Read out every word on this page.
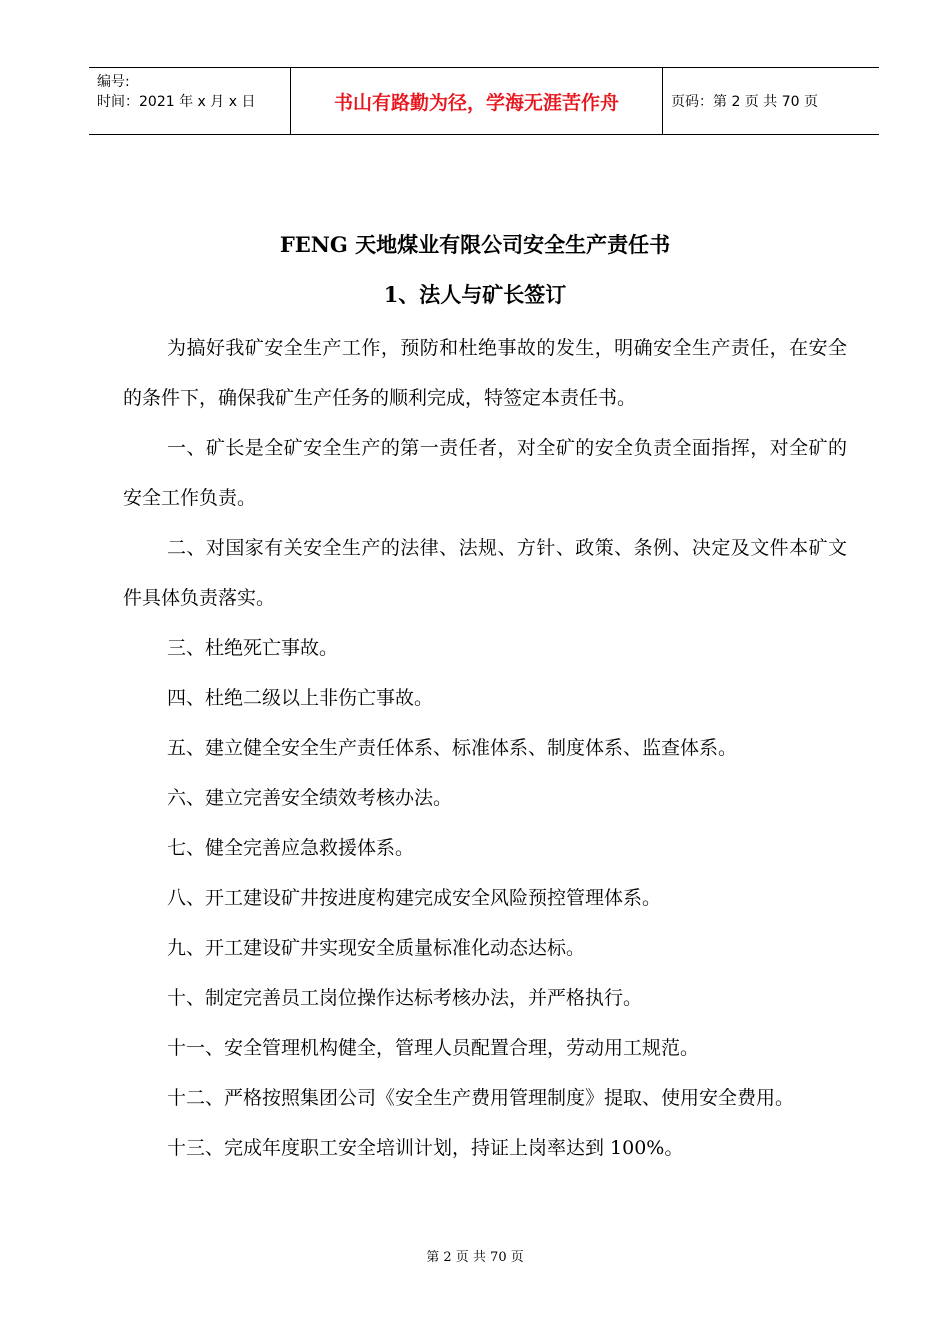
编号:
时间：2021 年 x 月 x 日	书山有路勤为径，学海无涯苦作舟	页码：第 2 页 共 70 页
FENG 天地煤业有限公司安全生产责任书
1、法人与矿长签订

为搞好我矿安全生产工作，预防和杜绝事故的发生，明确安全生产责任，在安全的条件下，确保我矿生产任务的顺利完成，特签定本责任书。

一、矿长是全矿安全生产的第一责任者，对全矿的安全负责全面指挥，对全矿的安全工作负责。

二、对国家有关安全生产的法律、法规、方针、政策、条例、决定及文件本矿文件具体负责落实。

三、杜绝死亡事故。

四、杜绝二级以上非伤亡事故。

五、建立健全安全生产责任体系、标准体系、制度体系、监查体系。

六、建立完善安全绩效考核办法。

七、健全完善应急救援体系。

八、开工建设矿井按进度构建完成安全风险预控管理体系。

九、开工建设矿井实现安全质量标准化动态达标。

十、制定完善员工岗位操作达标考核办法，并严格执行。

十一、安全管理机构健全，管理人员配置合理，劳动用工规范。

十二、严格按照集团公司《安全生产费用管理制度》提取、使用安全费用。

十三、完成年度职工安全培训计划，持证上岗率达到 100%。

第 2 页 共 70 页
